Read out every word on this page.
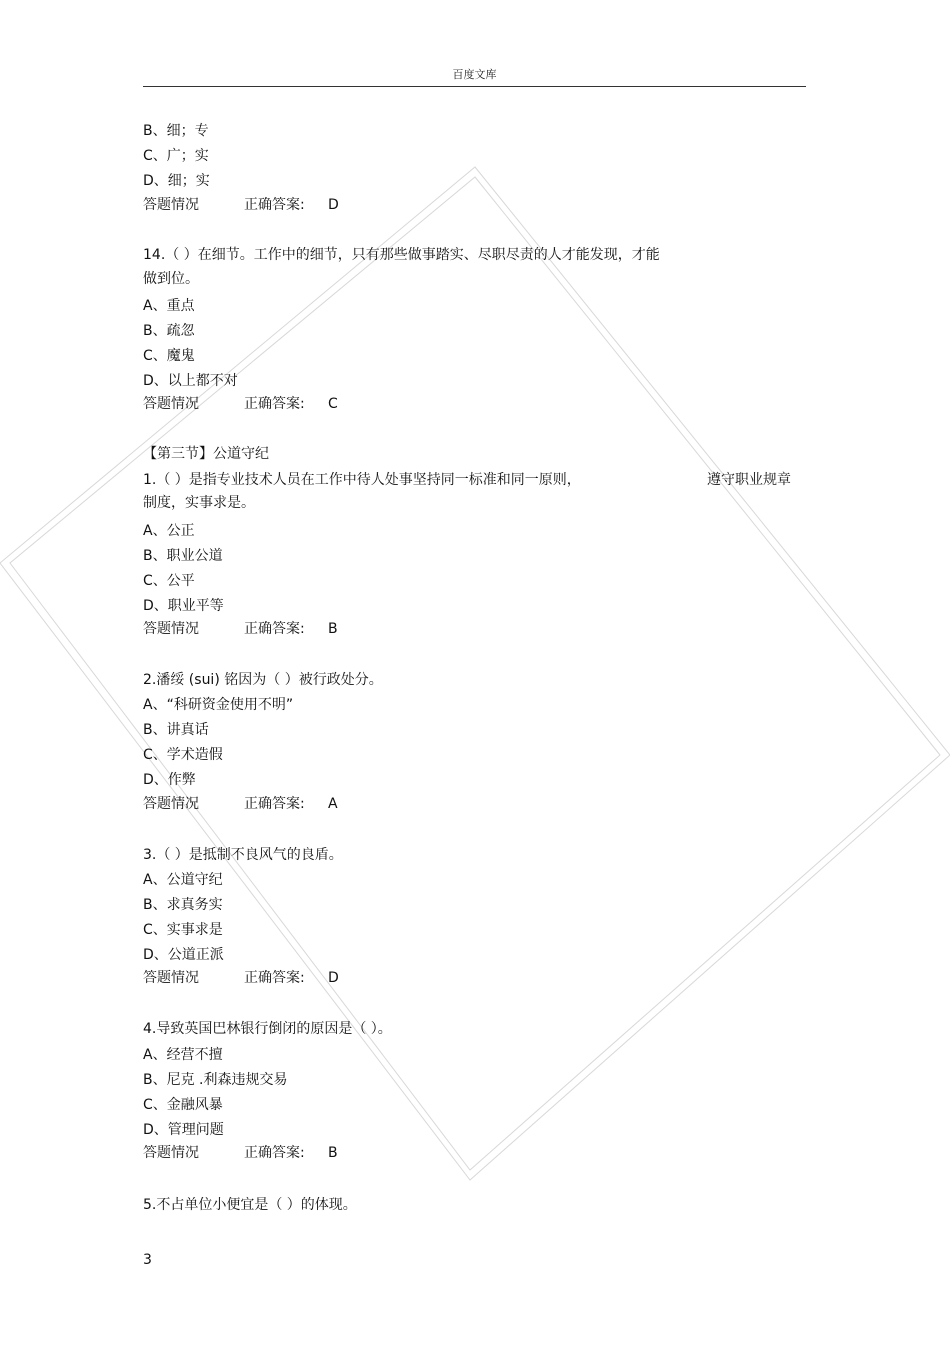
百度文库
B、细；专
C、广；实
D、细；实
答题情况	正确答案: D
14.（ ）在细节。工作中的细节，只有那些做事踏实、尽职尽责的人才能发现，才能
做到位。
A、重点
B、疏忽
C、魔鬼
D、以上都不对
答题情况	正确答案: C
【第三节】公道守纪
1.（ ）是指专业技术人员在工作中待人处事坚持同一标准和同一原则，	遵守职业规章
制度，实事求是。
A、公正
B、职业公道
C、公平
D、职业平等
答题情况	正确答案: B
2.潘绥 (sui) 铭因为（ ）被行政处分。
A、“科研资金使用不明”
B、讲真话
C、学术造假
D、作弊
答题情况	正确答案: A
3.（ ）是抵制不良风气的良盾。
A、公道守纪
B、求真务实
C、实事求是
D、公道正派
答题情况	正确答案: D
4.导致英国巴林银行倒闭的原因是（ ）。
A、经营不擅
B、尼克 .利森违规交易
C、金融风暴
D、管理问题
答题情况	正确答案: B
5.不占单位小便宜是（ ）的体现。
3
